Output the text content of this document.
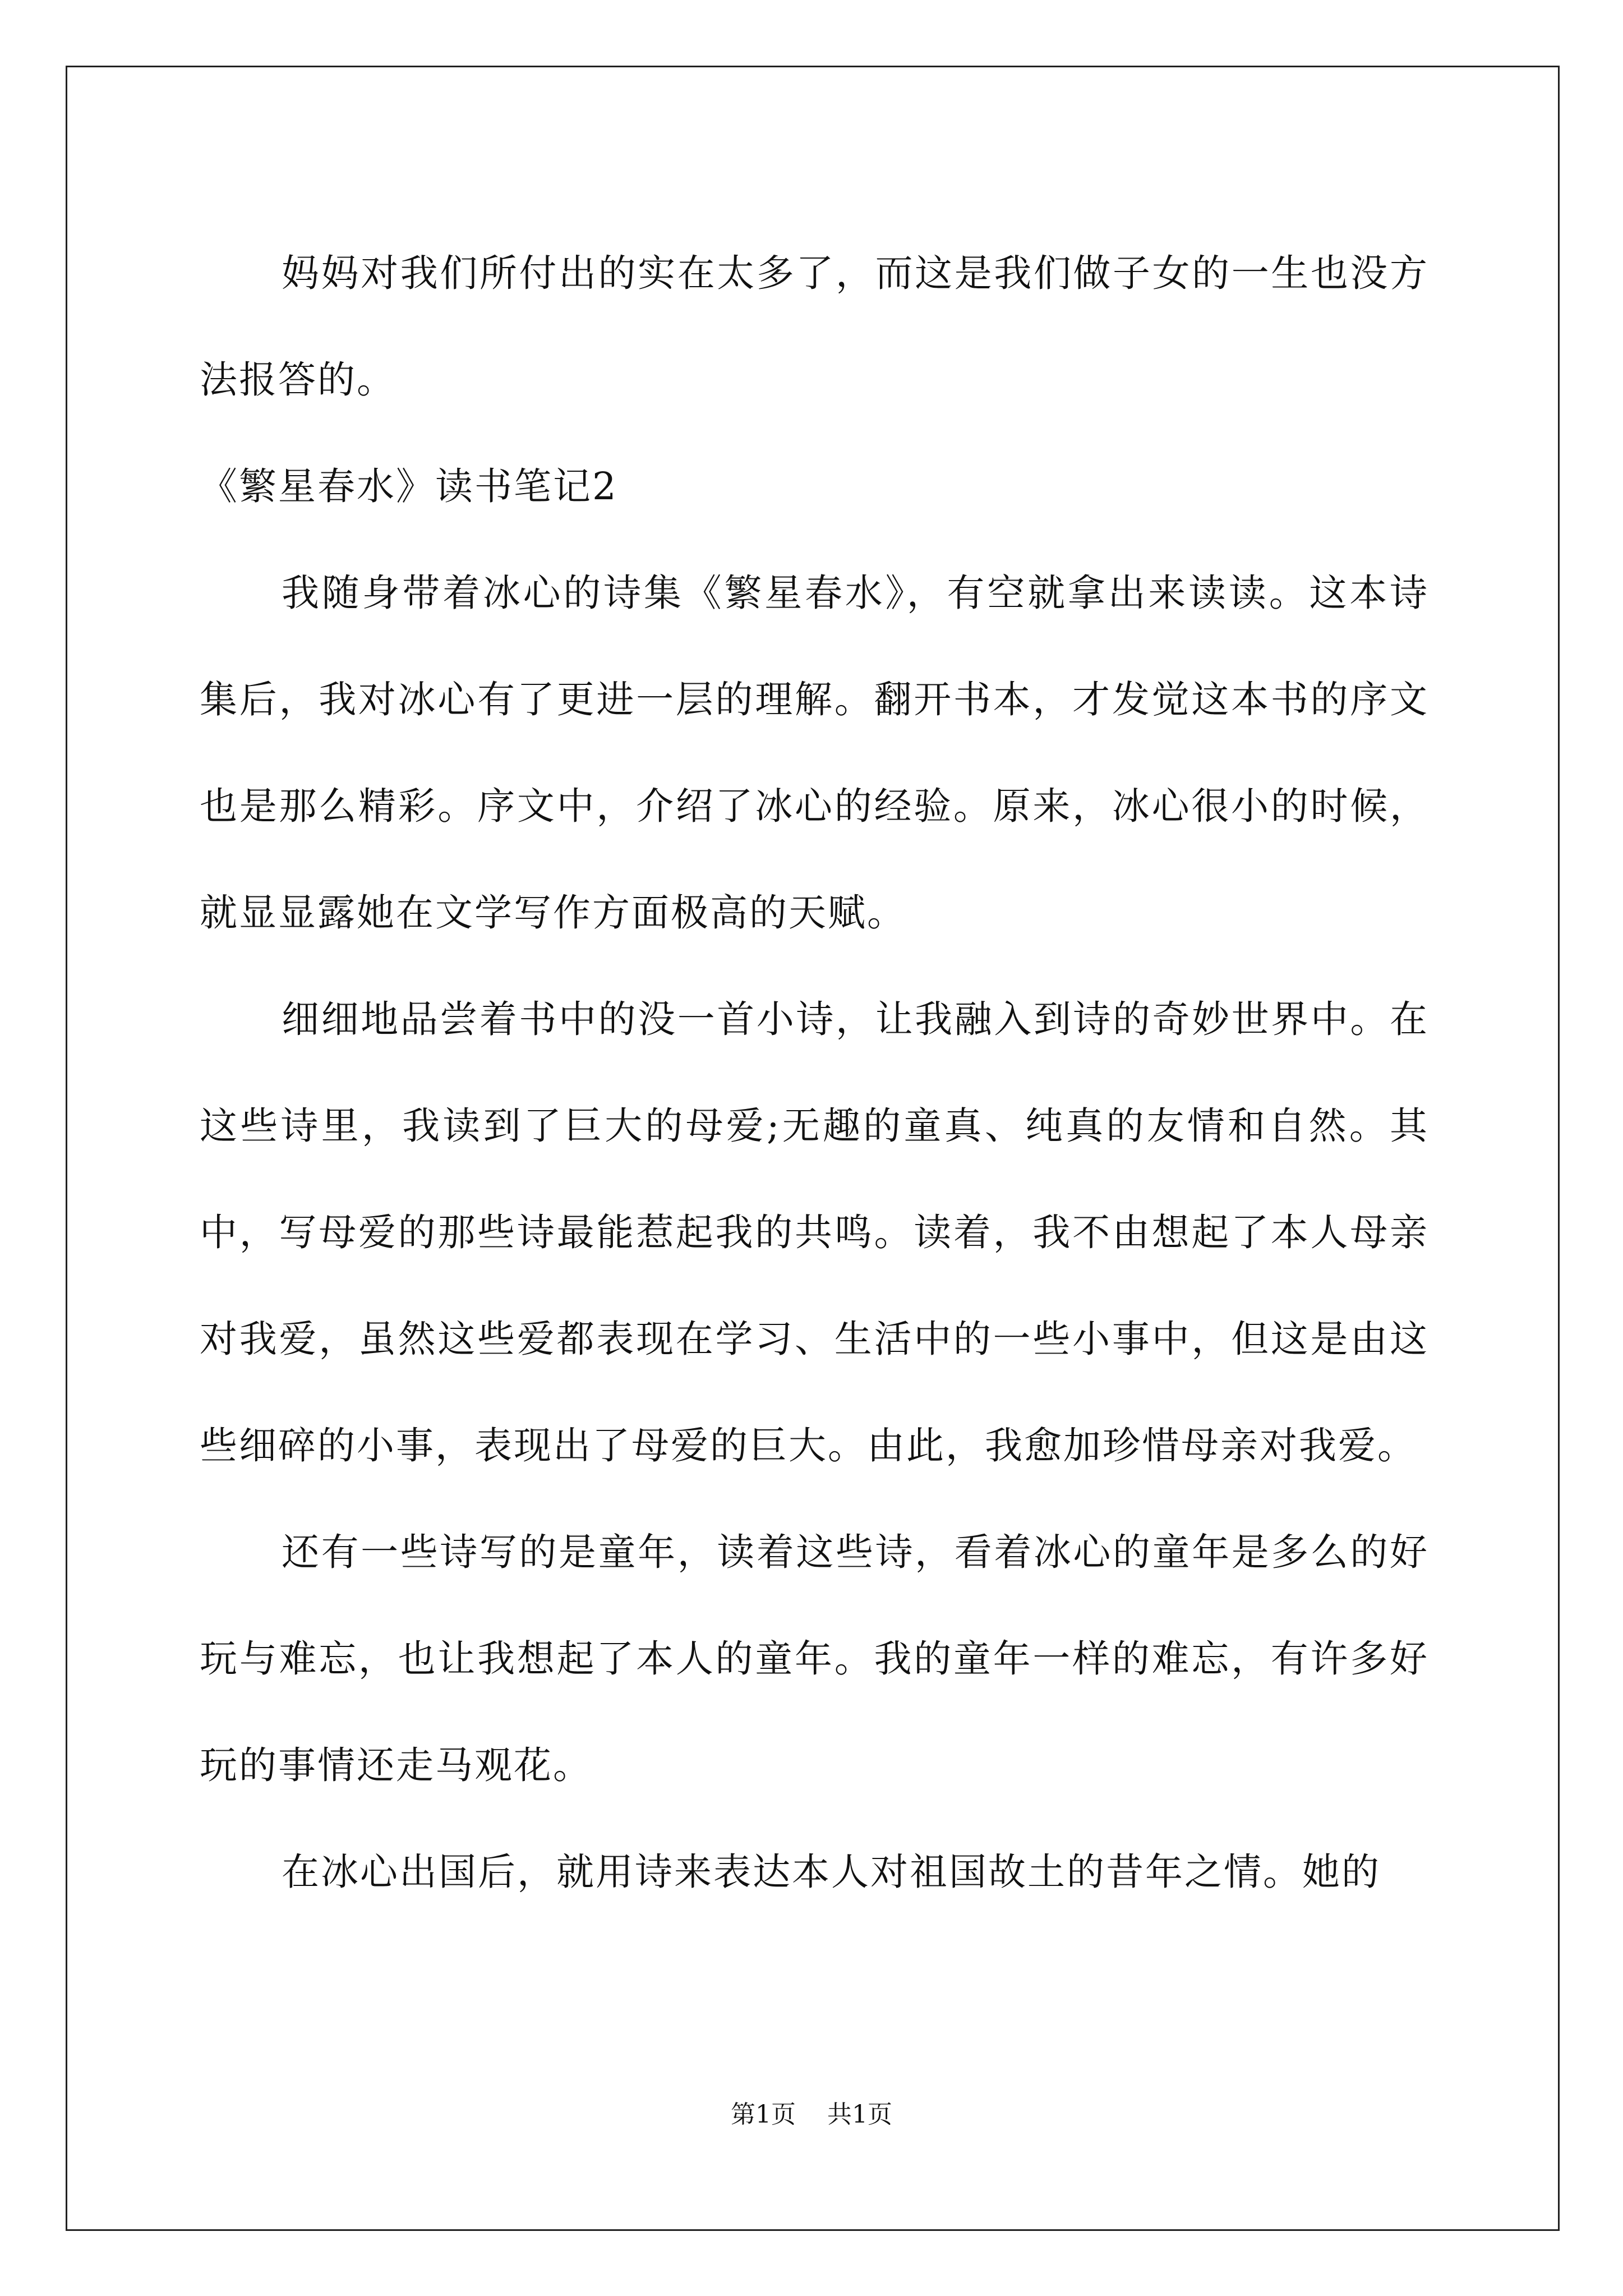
妈妈对我们所付出的实在太多了，而这是我们做子女的一生也没方法报答的。

《繁星春水》读书笔记2

我随身带着冰心的诗集《繁星春水》，有空就拿出来读读。这本诗集后，我对冰心有了更进一层的理解。翻开书本，才发觉这本书的序文也是那么精彩。序文中，介绍了冰心的经验。原来，冰心很小的时候，就显显露她在文学写作方面极高的天赋。

细细地品尝着书中的没一首小诗，让我融入到诗的奇妙世界中。在这些诗里，我读到了巨大的母爱;无趣的童真、纯真的友情和自然。其中，写母爱的那些诗最能惹起我的共鸣。读着，我不由想起了本人母亲对我爱，虽然这些爱都表现在学习、生活中的一些小事中，但这是由这些细碎的小事，表现出了母爱的巨大。由此，我愈加珍惜母亲对我爱。

还有一些诗写的是童年，读着这些诗，看着冰心的童年是多么的好玩与难忘，也让我想起了本人的童年。我的童年一样的难忘，有许多好玩的事情还走马观花。

在冰心出国后，就用诗来表达本人对祖国故土的昔年之情。她的

第1页 共1页
